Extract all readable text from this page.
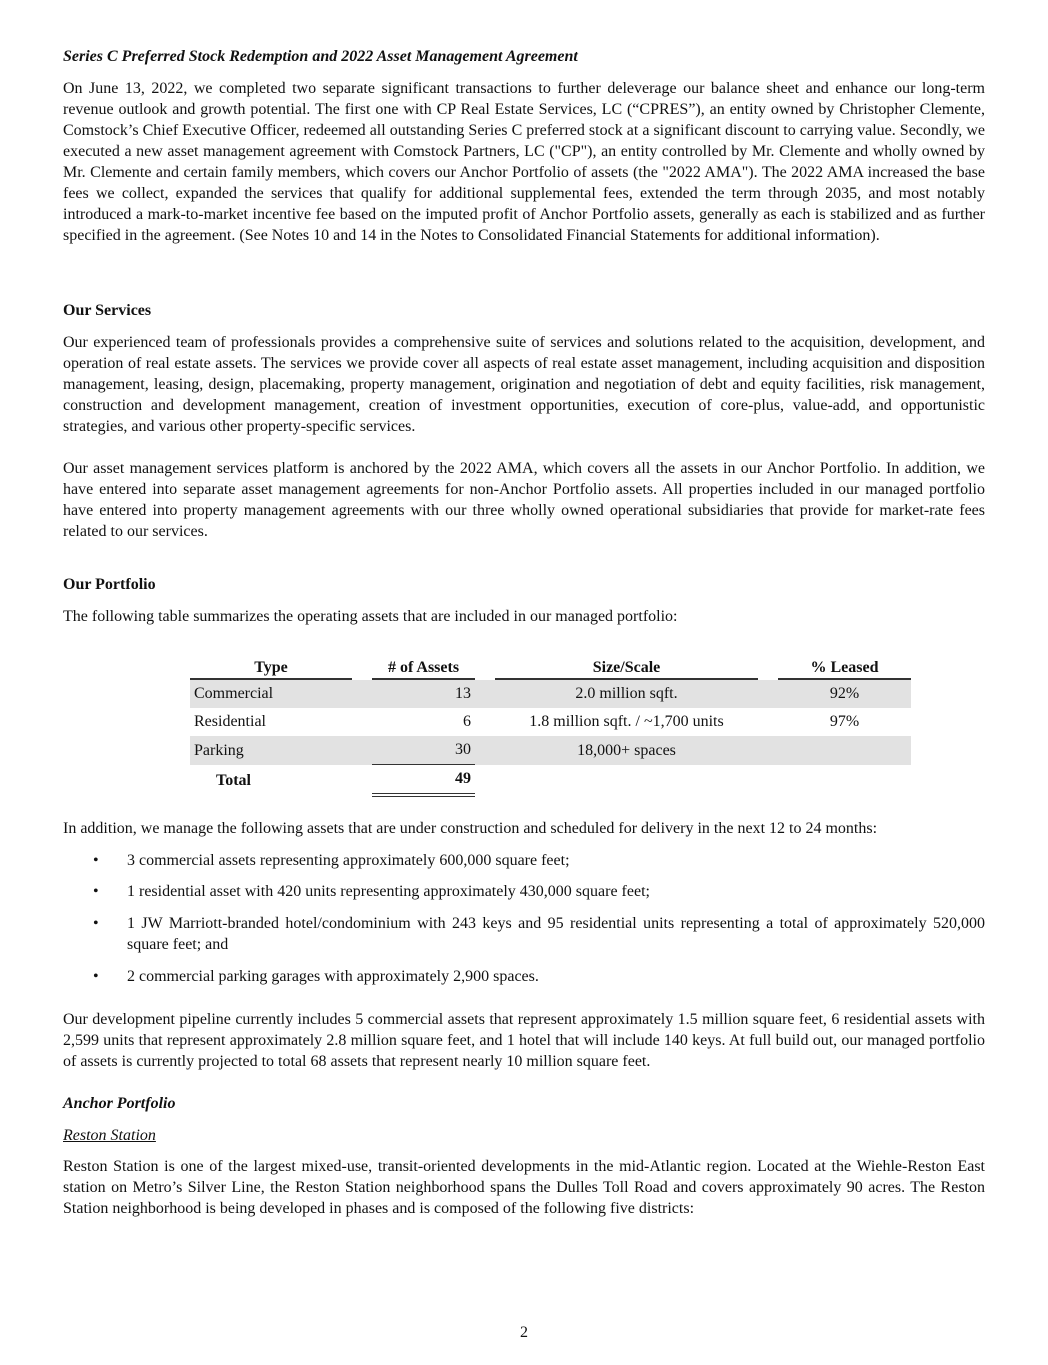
Series C Preferred Stock Redemption and 2022 Asset Management Agreement
On June 13, 2022, we completed two separate significant transactions to further deleverage our balance sheet and enhance our long-term revenue outlook and growth potential. The first one with CP Real Estate Services, LC (“CPRES”), an entity owned by Christopher Clemente, Comstock’s Chief Executive Officer, redeemed all outstanding Series C preferred stock at a significant discount to carrying value. Secondly, we executed a new asset management agreement with Comstock Partners, LC ("CP"), an entity controlled by Mr. Clemente and wholly owned by Mr. Clemente and certain family members, which covers our Anchor Portfolio of assets (the "2022 AMA"). The 2022 AMA increased the base fees we collect, expanded the services that qualify for additional supplemental fees, extended the term through 2035, and most notably introduced a mark-to-market incentive fee based on the imputed profit of Anchor Portfolio assets, generally as each is stabilized and as further specified in the agreement. (See Notes 10 and 14 in the Notes to Consolidated Financial Statements for additional information).
Our Services
Our experienced team of professionals provides a comprehensive suite of services and solutions related to the acquisition, development, and operation of real estate assets. The services we provide cover all aspects of real estate asset management, including acquisition and disposition management, leasing, design, placemaking, property management, origination and negotiation of debt and equity facilities, risk management, construction and development management, creation of investment opportunities, execution of core-plus, value-add, and opportunistic strategies, and various other property-specific services.
Our asset management services platform is anchored by the 2022 AMA, which covers all the assets in our Anchor Portfolio. In addition, we have entered into separate asset management agreements for non-Anchor Portfolio assets. All properties included in our managed portfolio have entered into property management agreements with our three wholly owned operational subsidiaries that provide for market-rate fees related to our services.
Our Portfolio
The following table summarizes the operating assets that are included in our managed portfolio:
Type		# of Assets		Size/Scale		% Leased

Commercial		13		2.0 million sqft.		92%
Residential		6		1.8 million sqft. / ~1,700 units		97%
Parking		30		18,000+ spaces		
Total		49				
In addition, we manage the following assets that are under construction and scheduled for delivery in the next 12 to 24 months:
• 3 commercial assets representing approximately 600,000 square feet;
• 1 residential asset with 420 units representing approximately 430,000 square feet;
• 1 JW Marriott-branded hotel/condominium with 243 keys and 95 residential units representing a total of approximately 520,000 square feet; and
• 2 commercial parking garages with approximately 2,900 spaces.
Our development pipeline currently includes 5 commercial assets that represent approximately 1.5 million square feet, 6 residential assets with 2,599 units that represent approximately 2.8 million square feet, and 1 hotel that will include 140 keys. At full build out, our managed portfolio of assets is currently projected to total 68 assets that represent nearly 10 million square feet.
Anchor Portfolio
Reston Station
Reston Station is one of the largest mixed-use, transit-oriented developments in the mid-Atlantic region. Located at the Wiehle-Reston East station on Metro’s Silver Line, the Reston Station neighborhood spans the Dulles Toll Road and covers approximately 90 acres. The Reston Station neighborhood is being developed in phases and is composed of the following five districts:
2
